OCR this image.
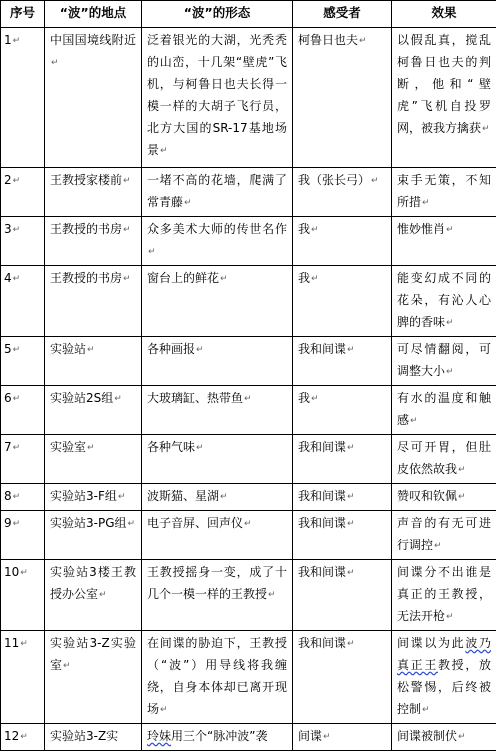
序号	“波”的地点	“波”的形态	感受者	效果
1↵	中国国境线附近↵	泛着银光的大湖，光秃秃的山峦，十几架“壁虎”飞机，与柯鲁日也夫长得一模一样的大胡子飞行员，北方大国的SR-17基地场景↵	柯鲁日也夫↵	以假乱真，搅乱柯鲁日也夫的判断，他和“壁虎”飞机自投罗网，被我方擒获↵
2↵	王教授家楼前↵	一堵不高的花墙，爬满了常青藤↵	我（张长弓）↵	束手无策，不知所措↵
3↵	王教授的书房↵	众多美术大师的传世名作↵	我↵	惟妙惟肖↵
4↵	王教授的书房↵	窗台上的鲜花↵	我↵	能变幻成不同的花朵，有沁人心脾的香味↵
5↵	实验站↵	各种画报↵	我和间谍↵	可尽情翻阅，可调整大小↵
6↵	实验站2S组↵	大玻璃缸、热带鱼↵	我↵	有水的温度和触感↵
7↵	实验室↵	各种气味↵	我和间谍↵	尽可开胃，但肚皮依然故我↵
8↵	实验站3-F组↵	波斯猫、星湖↵	我和间谍↵	赞叹和钦佩↵
9↵	实验站3-PG组↵	电子音屏、回声仪↵	我和间谍↵	声音的有无可进行调控↵
10↵	实验站3楼王教授办公室↵	王教授摇身一变，成了十几个一模一样的王教授↵	我和间谍↵	间谍分不出谁是真正的王教授，无法开枪↵
11↵	实验站3-Z实验室↵	在间谍的胁迫下，王教授（“波”）用导线将我缠绕，自身本体却已离开现场↵	我和间谍↵	间谍以为此波乃真正王教授，放松警惕，后终被控制↵
12↵	实验站3-Z实	玲妹用三个“脉冲波”袭	间谍↵	间谍被制伏↵
